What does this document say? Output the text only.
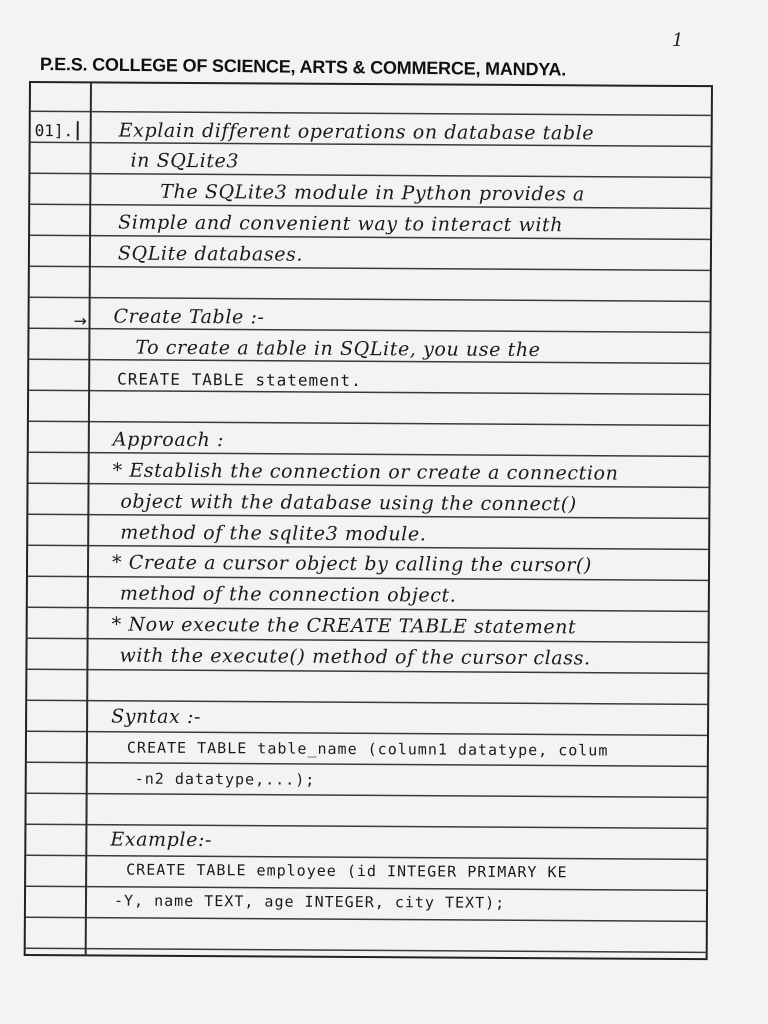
1
P.E.S. COLLEGE OF SCIENCE, ARTS & COMMERCE, MANDYA.
01].
→
Explain different operations on database table
in SQLite3
The SQLite3 module in Python provides a
Simple and convenient way to interact with
SQLite databases.
Create Table :-
To create a table in SQLite, you use the
CREATE TABLE statement.
Approach :
* Establish the connection or create a connection
object with the database using the connect()
method of the sqlite3 module.
* Create a cursor object by calling the cursor()
method of the connection object.
* Now execute the CREATE TABLE statement
with the execute() method of the cursor class.
Syntax :-
CREATE TABLE table_name (column1 datatype, colum
-n2 datatype,...);
Example:-
CREATE TABLE employee (id INTEGER PRIMARY KE
-Y, name TEXT, age INTEGER, city TEXT);
